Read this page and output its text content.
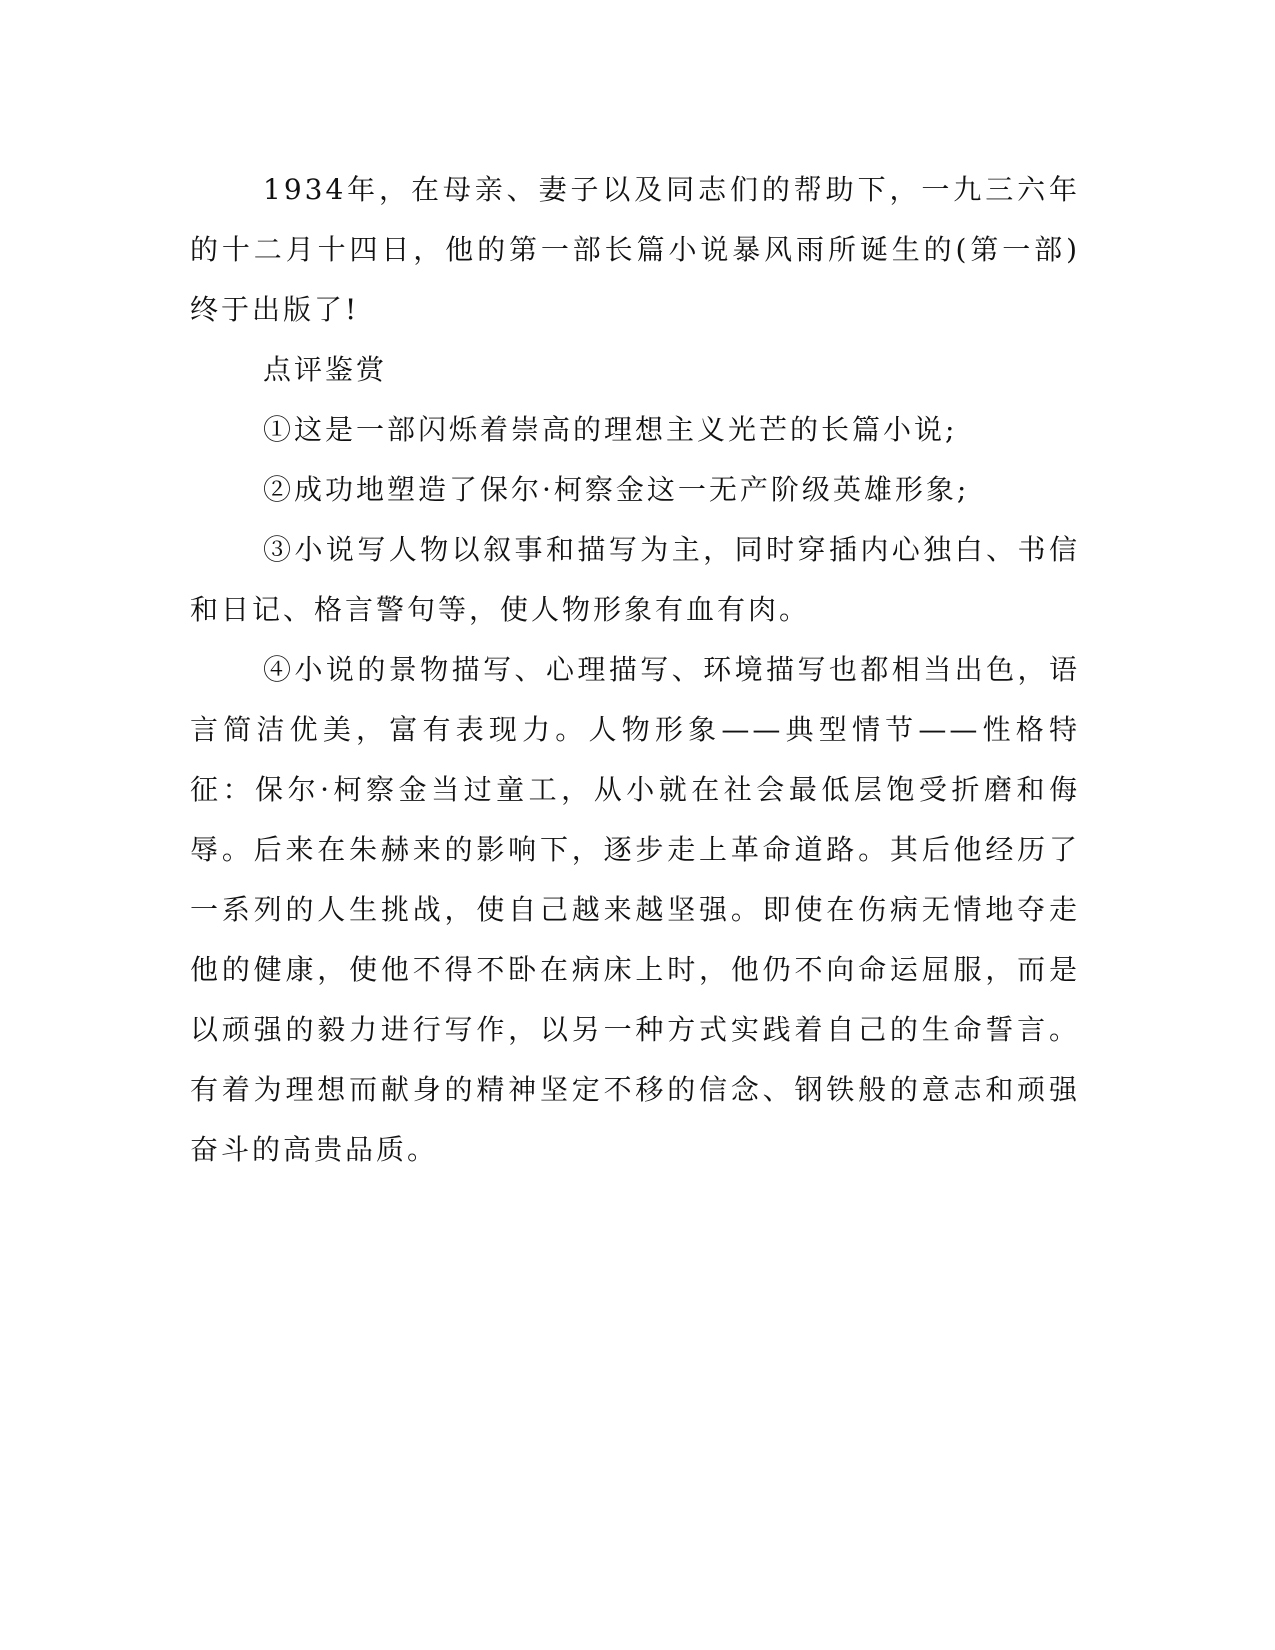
1934年，在母亲、妻子以及同志们的帮助下，一九三六年的十二月十四日，他的第一部长篇小说暴风雨所诞生的(第一部)终于出版了!

点评鉴赏

①这是一部闪烁着崇高的理想主义光芒的长篇小说;

②成功地塑造了保尔·柯察金这一无产阶级英雄形象;

③小说写人物以叙事和描写为主，同时穿插内心独白、书信和日记、格言警句等，使人物形象有血有肉。

④小说的景物描写、心理描写、环境描写也都相当出色，语言简洁优美，富有表现力。人物形象——典型情节——性格特征：保尔·柯察金当过童工，从小就在社会最低层饱受折磨和侮辱。后来在朱赫来的影响下，逐步走上革命道路。其后他经历了一系列的人生挑战，使自己越来越坚强。即使在伤病无情地夺走他的健康，使他不得不卧在病床上时，他仍不向命运屈服，而是以顽强的毅力进行写作，以另一种方式实践着自己的生命誓言。有着为理想而献身的精神坚定不移的信念、钢铁般的意志和顽强奋斗的高贵品质。
